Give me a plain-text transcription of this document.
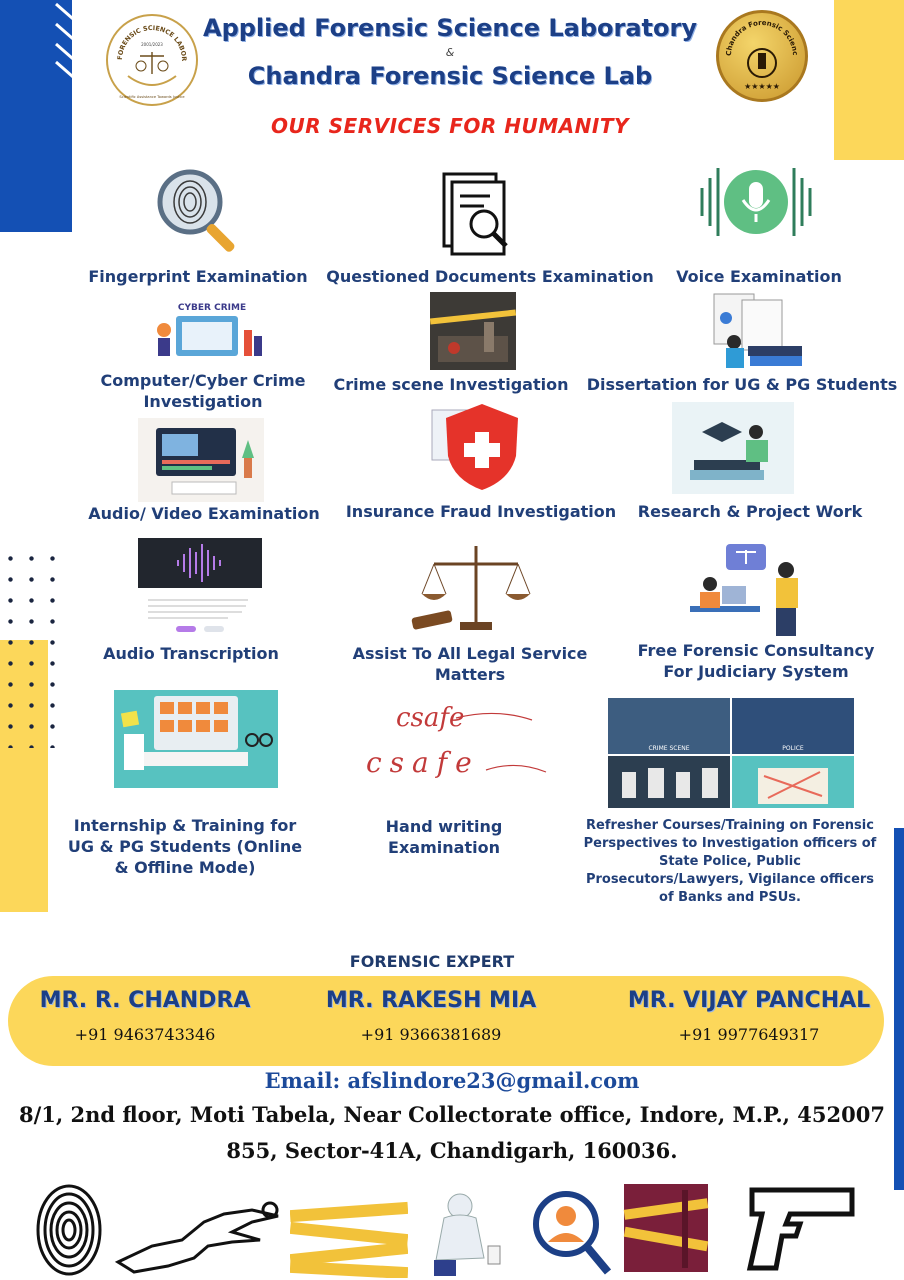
FORENSIC SCIENCE LABOR
2001/2023
Scientific Assistance Towards Justice
Applied Forensic Science Laboratory
&
Chandra Forensic Science Lab
Chandra Forensic Scienc
★★★★★
OUR SERVICES FOR HUMANITY
Fingerprint Examination	Questioned Documents Examination	Voice Examination
CYBER CRIME
Computer/Cyber Crime Investigation
Crime scene Investigation Dissertation for UG & PG Students
Audio/ Video Examination	Insurance Fraud Investigation	Research & Project Work
Audio Transcription	Assist To All Legal Service Matters
Free Forensic Consultancy For Judiciary System
csafe
csafe	CRIME SCENE	POLICE
Internship & Training for UG & PG Students (Online & Offline Mode)
Hand writing Examination
Refresher Courses/Training on Forensic Perspectives to Investigation officers of State Police, Public Prosecutors/Lawyers, Vigilance officers of Banks and PSUs.
FORENSIC EXPERT
MR. R. CHANDRA
+91 9463743346
MR. RAKESH MIA
+91 9366381689
MR. VIJAY PANCHAL
+91 9977649317
Email: afslindore23@gmail.com
8/1, 2nd floor, Moti Tabela, Near Collectorate office, Indore, M.P., 452007
855, Sector-41A, Chandigarh, 160036.
